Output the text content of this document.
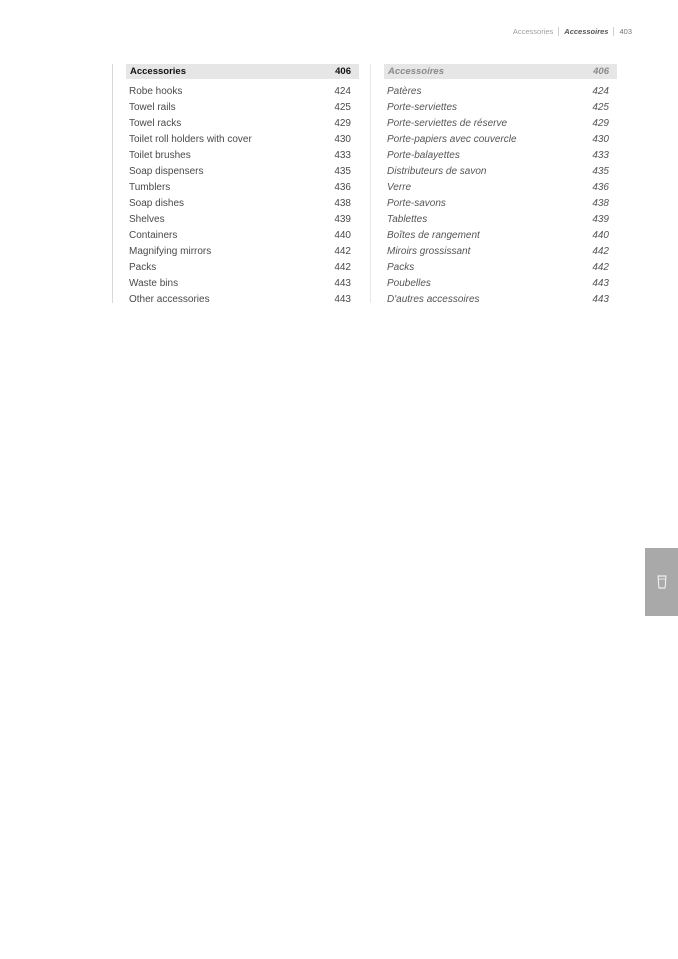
Accessories Accessoires 403
Accessories	406
Robe hooks	424
Towel rails	425
Towel racks	429
Toilet roll holders with cover	430
Toilet brushes	433
Soap dispensers	435
Tumblers	436
Soap dishes	438
Shelves	439
Containers	440
Magnifying mirrors	442
Packs	442
Waste bins	443
Other accessories	443
Accessoires	406
Patères	424
Porte-serviettes	425
Porte-serviettes de réserve	429
Porte-papiers avec couvercle	430
Porte-balayettes	433
Distributeurs de savon	435
Verre	436
Porte-savons	438
Tablettes	439
Boîtes de rangement	440
Miroirs grossissant	442
Packs	442
Poubelles	443
D'autres accessoires	443
